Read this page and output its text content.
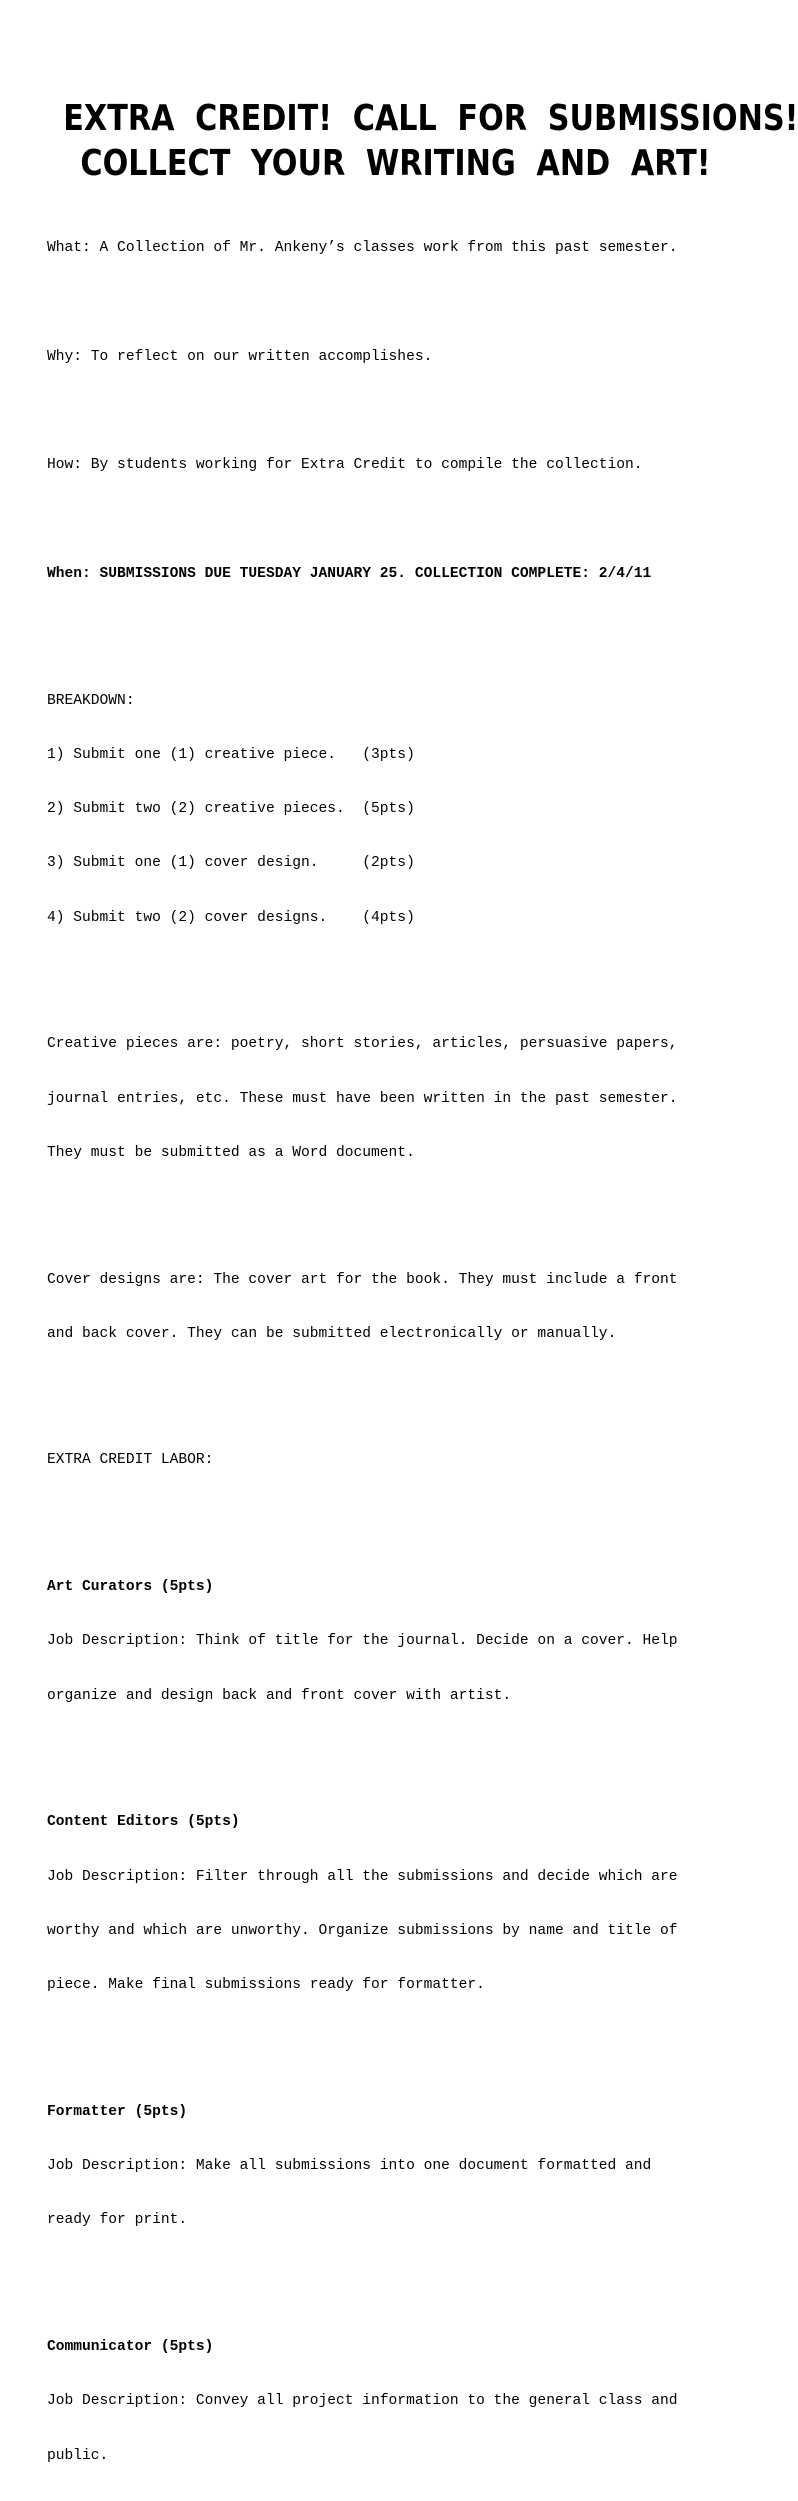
EXTRA CREDIT! CALL FOR SUBMISSIONS!
COLLECT YOUR WRITING AND ART!

What: A Collection of Mr. Ankeny’s classes work from this past semester.

Why: To reflect on our written accomplishes.

How: By students working for Extra Credit to compile the collection.

When: SUBMISSIONS DUE TUESDAY JANUARY 25. COLLECTION COMPLETE: 2/4/11

BREAKDOWN:

1) Submit one (1) creative piece.   (3pts)

2) Submit two (2) creative pieces.  (5pts)

3) Submit one (1) cover design.     (2pts)

4) Submit two (2) cover designs.    (4pts)

Creative pieces are: poetry, short stories, articles, persuasive papers,

journal entries, etc. These must have been written in the past semester.

They must be submitted as a Word document.

Cover designs are: The cover art for the book. They must include a front

and back cover. They can be submitted electronically or manually.

EXTRA CREDIT LABOR:

Art Curators (5pts)

Job Description: Think of title for the journal. Decide on a cover. Help

organize and design back and front cover with artist.

Content Editors (5pts)

Job Description: Filter through all the submissions and decide which are

worthy and which are unworthy. Organize submissions by name and title of

piece. Make final submissions ready for formatter.

Formatter (5pts)

Job Description: Make all submissions into one document formatted and

ready for print.

Communicator (5pts)

Job Description: Convey all project information to the general class and

public.
